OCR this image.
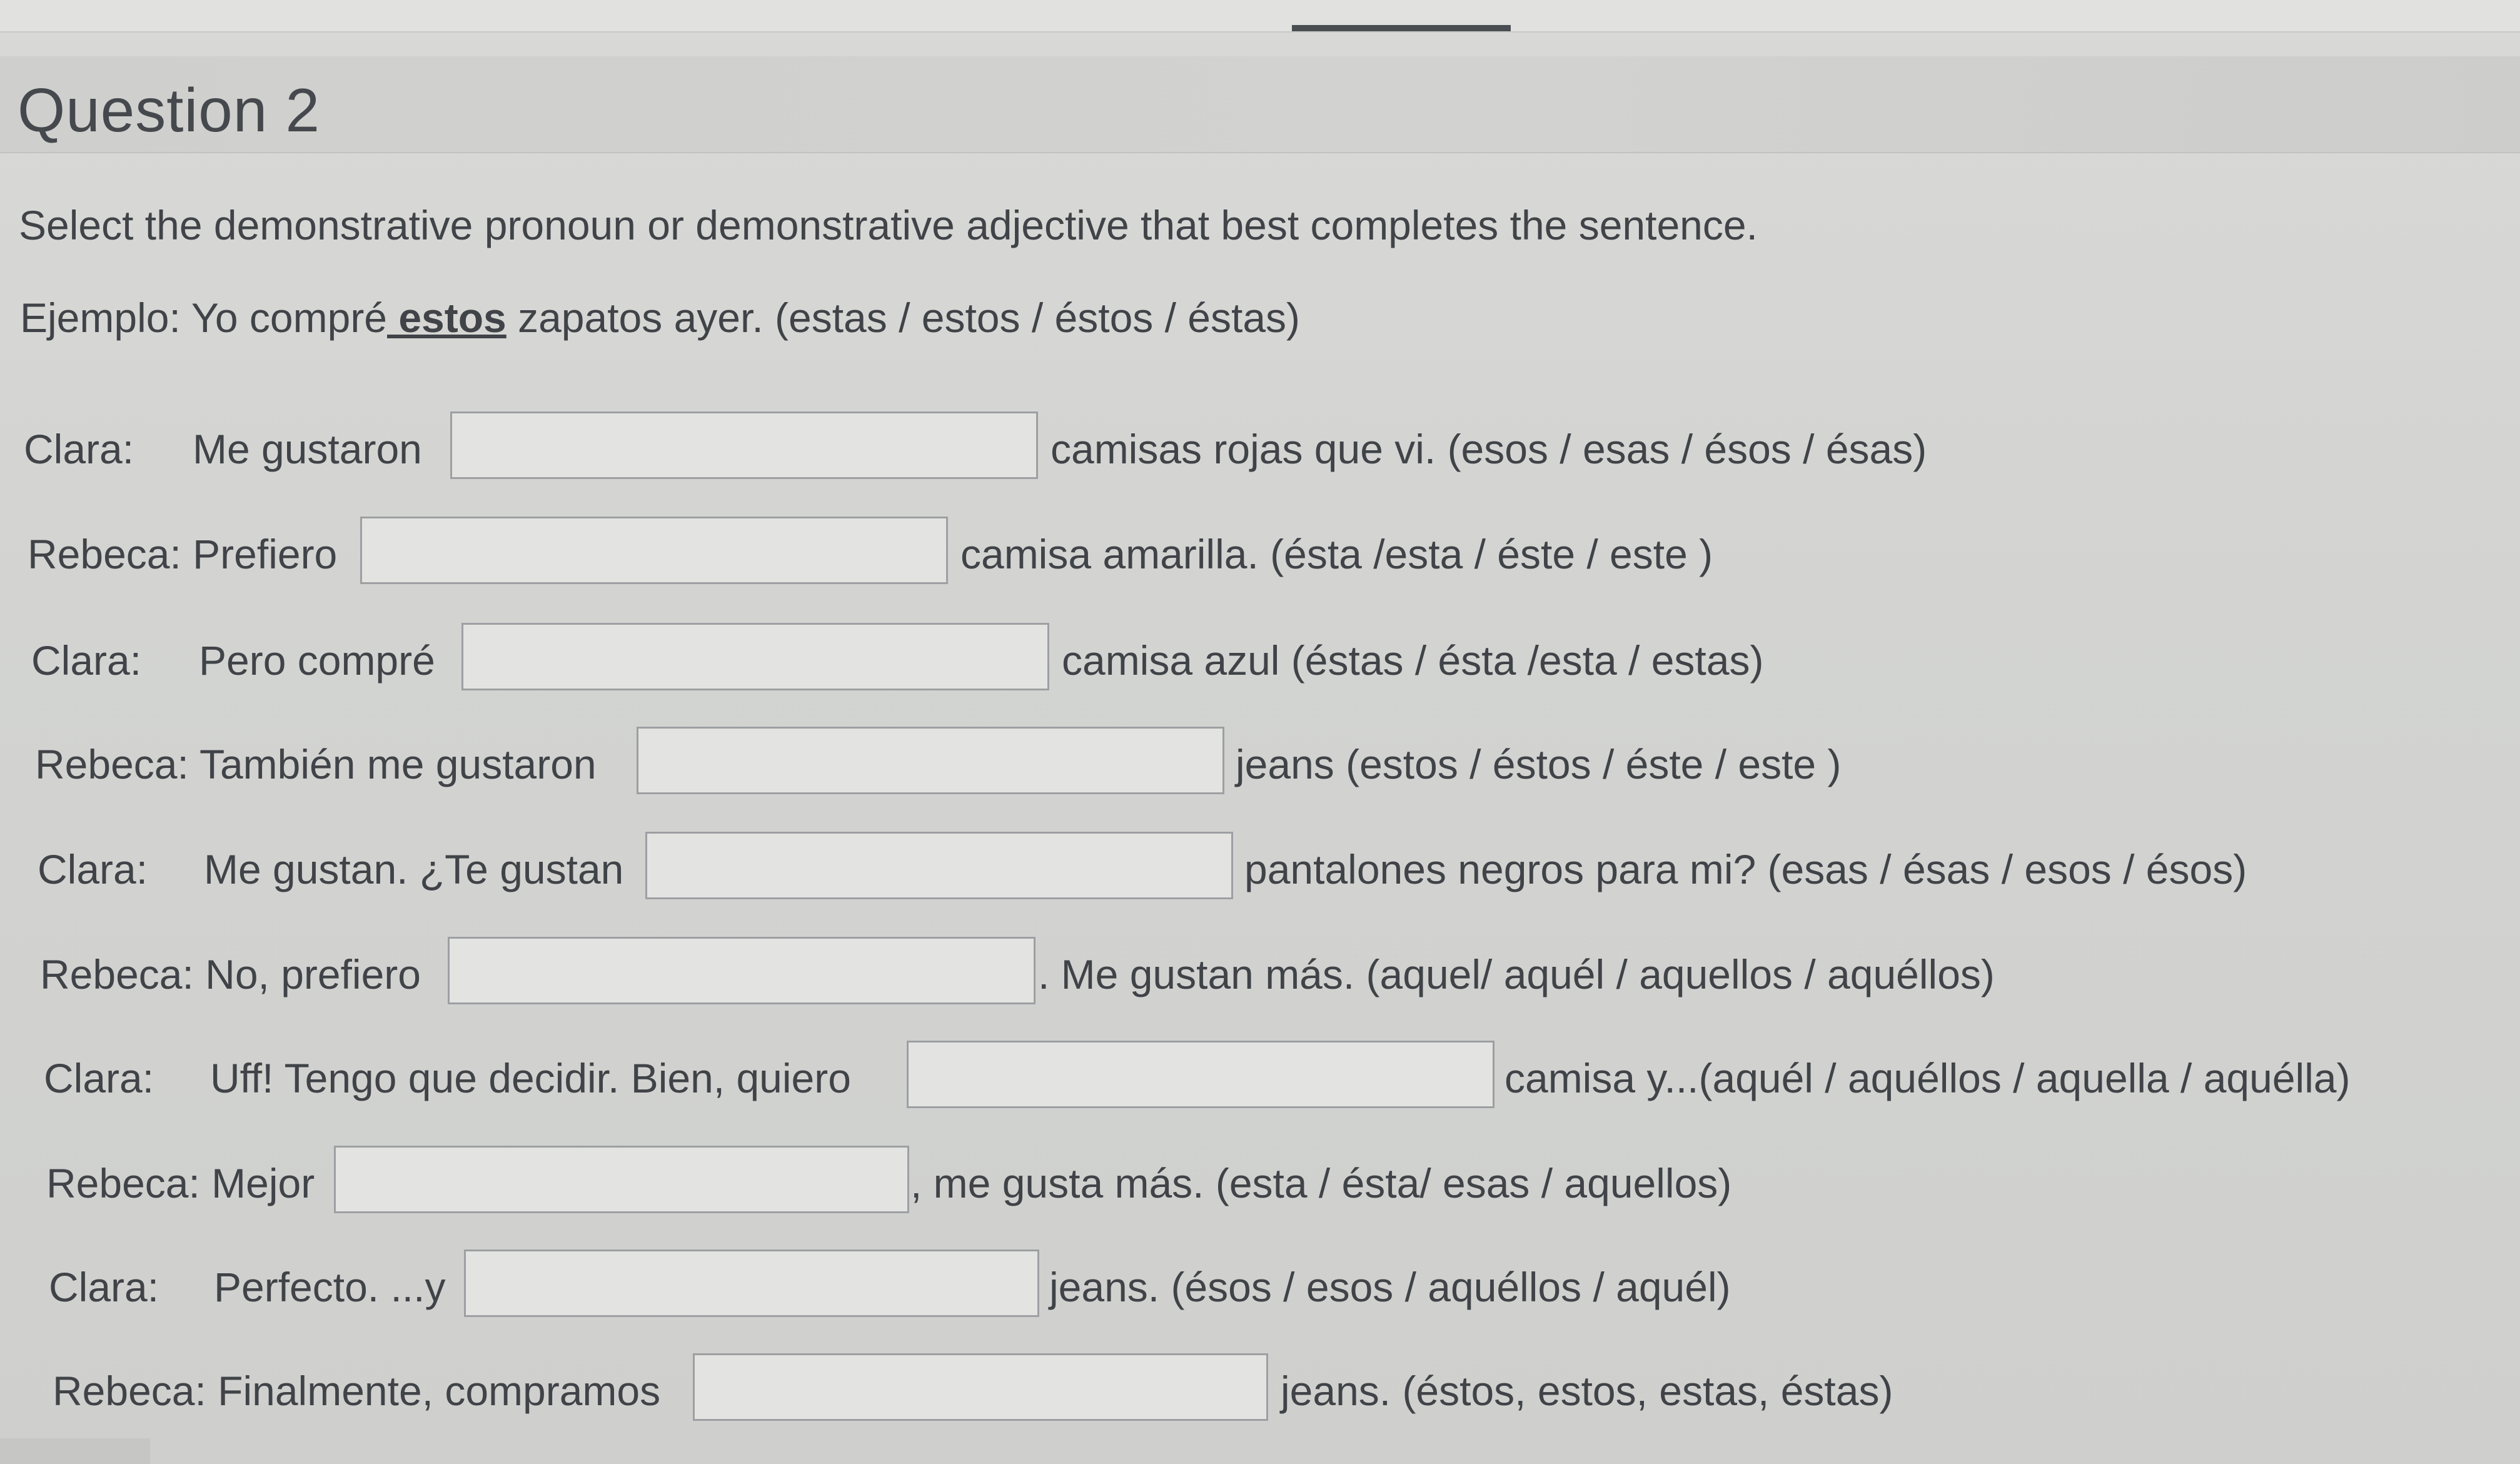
Question 2
Select the demonstrative pronoun or demonstrative adjective that best completes the sentence.
Ejemplo: Yo compré estos zapatos ayer. (estas / estos / éstos / éstas)
Clara: Me gustaron	camisas rojas que vi. (esos / esas / ésos / ésas)
Rebeca: Prefiero	camisa amarilla. (ésta /esta / éste / este )
Clara: Pero compré	camisa azul (éstas / ésta /esta / estas)
Rebeca: También me gustaron	jeans (estos / éstos / éste / este )
Clara: Me gustan. ¿Te gustan	pantalones negros para mi? (esas / ésas / esos / ésos)
Rebeca: No, prefiero	. Me gustan más. (aquel/ aquél / aquellos / aquéllos)
Clara: Uff! Tengo que decidir. Bien, quiero	camisa y...(aquél / aquéllos / aquella / aquélla)
Rebeca: Mejor	, me gusta más. (esta / ésta/ esas / aquellos)
Clara: Perfecto. ...y	jeans. (ésos / esos / aquéllos / aquél)
Rebeca: Finalmente, compramos	jeans. (éstos, estos, estas, éstas)
